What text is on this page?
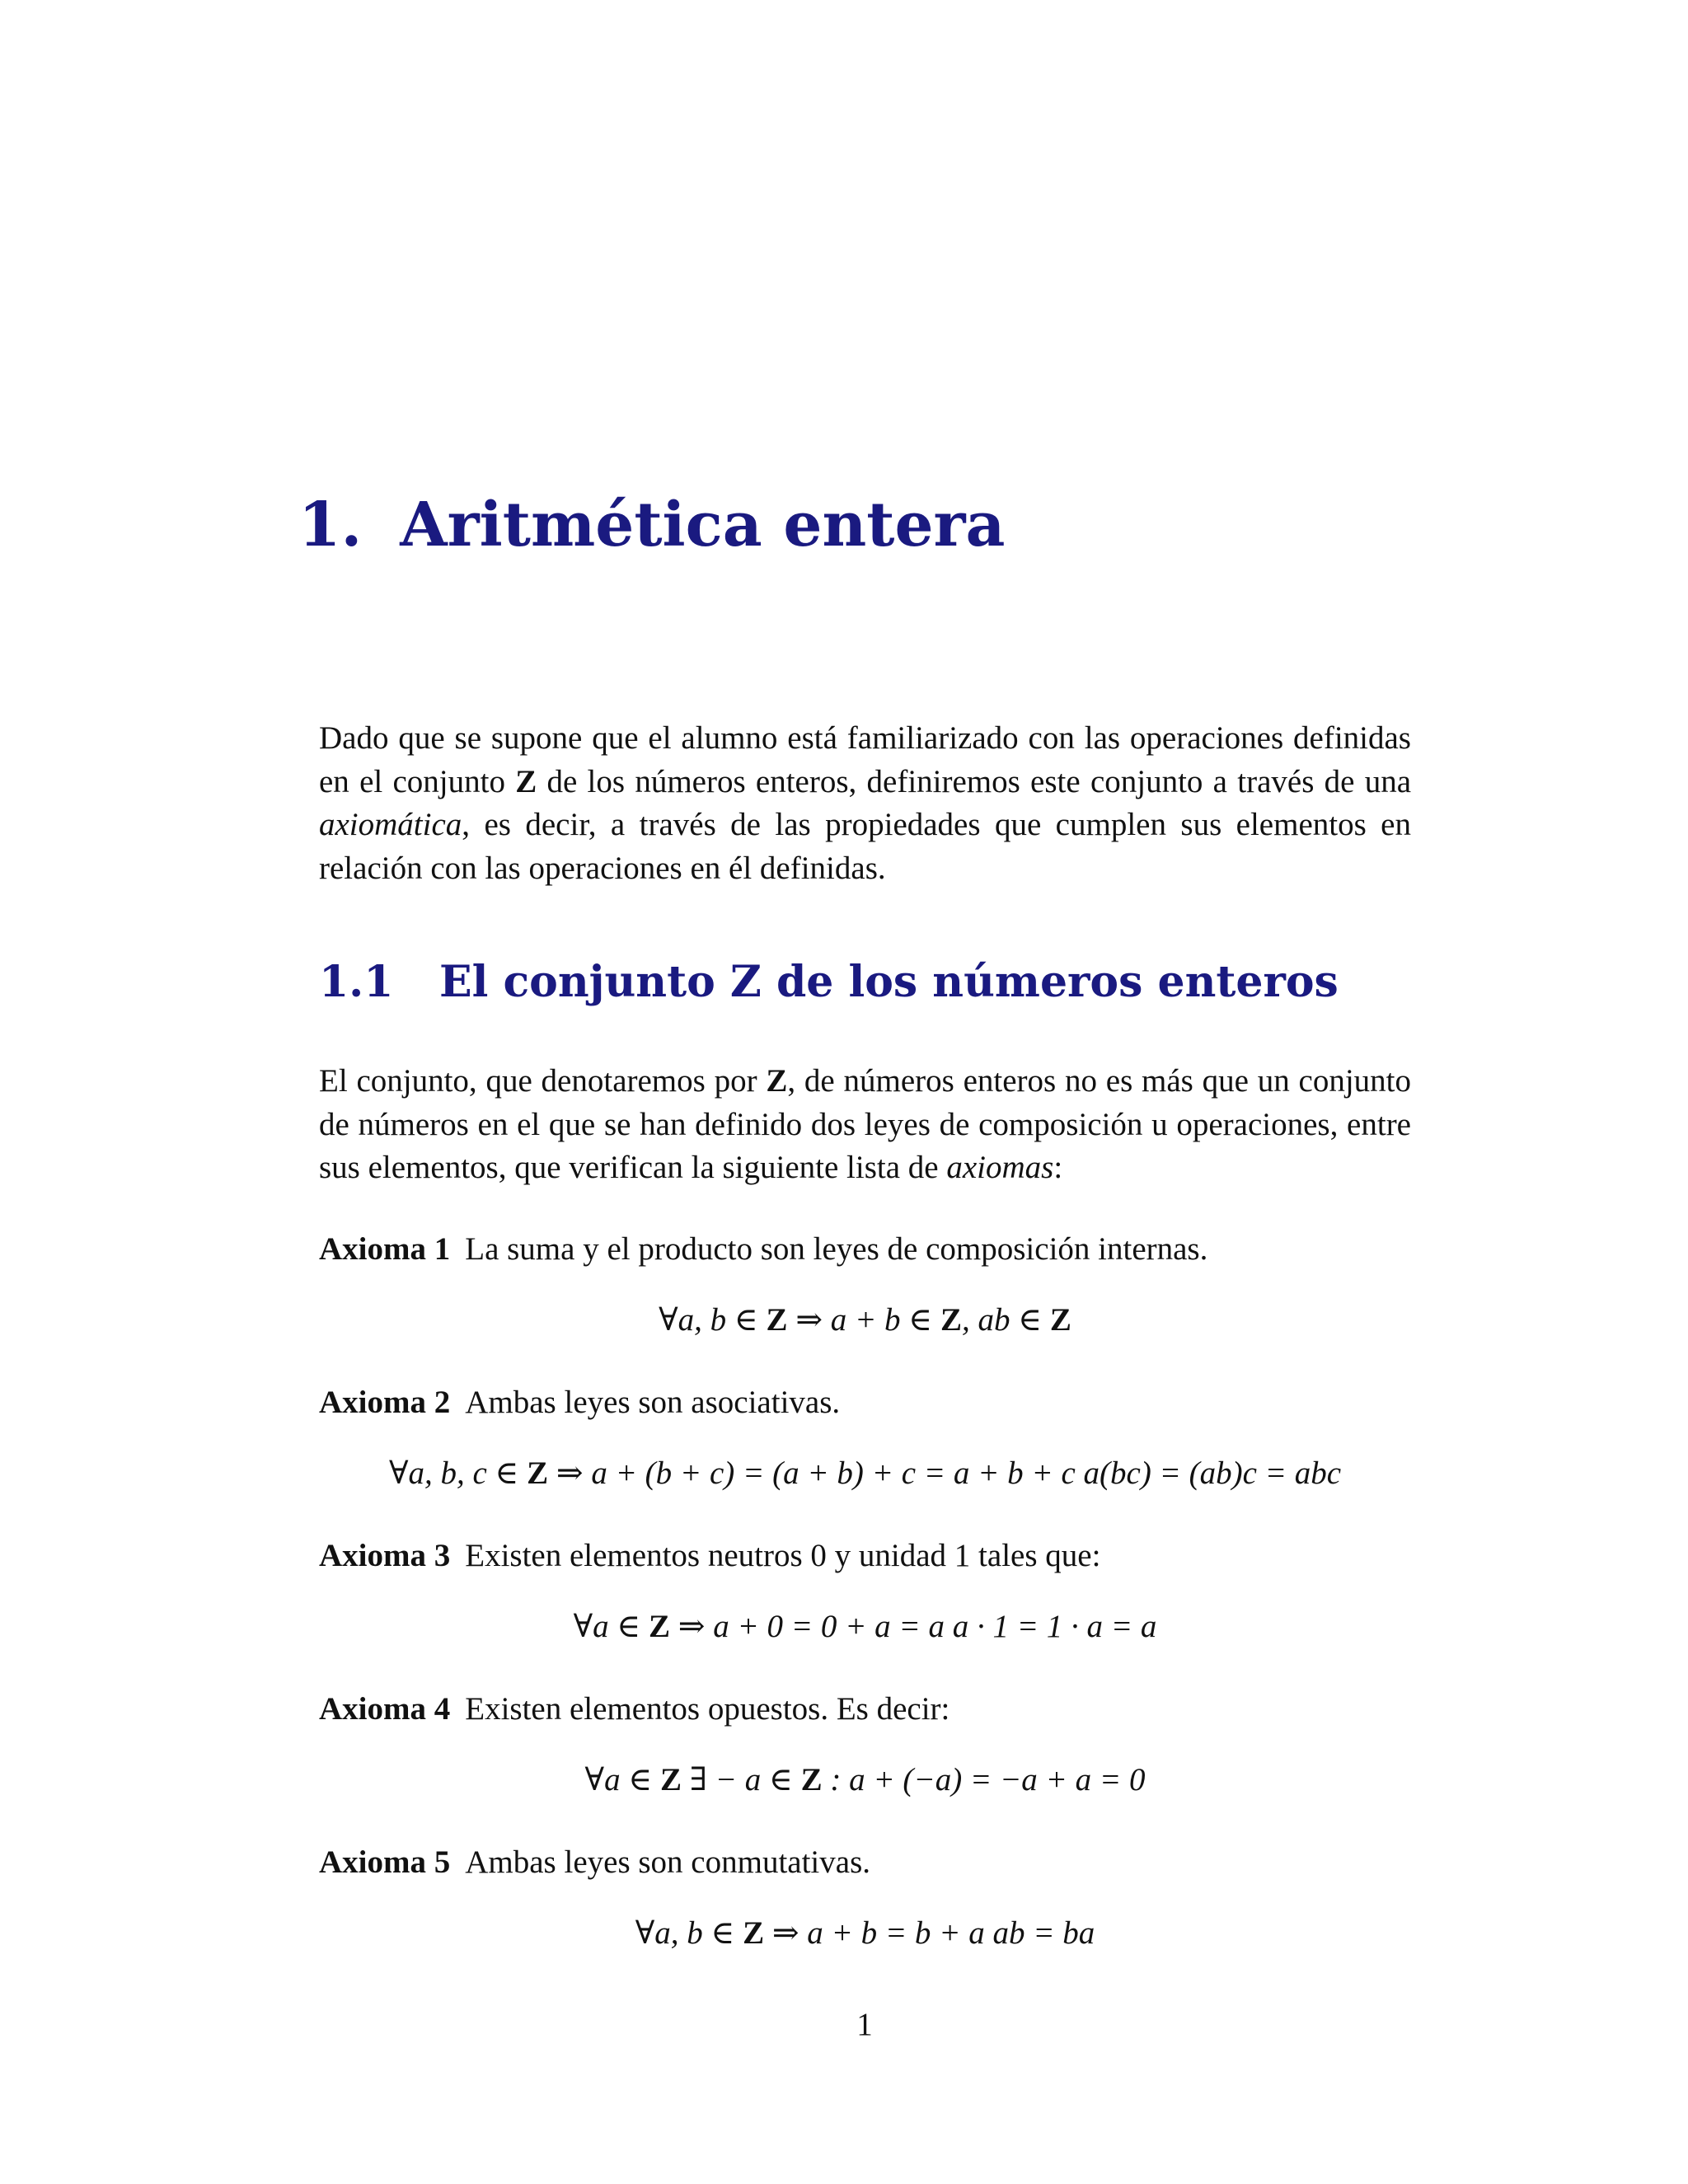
1. Aritmética entera

Dado que se supone que el alumno está familiarizado con las operaciones definidas en el conjunto Z de los números enteros, definiremos este conjunto a través de una axiomática, es decir, a través de las propiedades que cumplen sus elementos en relación con las operaciones en él definidas.

1.1 El conjunto Z de los números enteros

El conjunto, que denotaremos por Z, de números enteros no es más que un conjunto de números en el que se han definido dos leyes de composición u operaciones, entre sus elementos, que verifican la siguiente lista de axiomas:

Axioma 1 La suma y el producto son leyes de composición internas.

∀a, b ∈ Z ⇒ a + b ∈ Z, ab ∈ Z

Axioma 2 Ambas leyes son asociativas.

∀a, b, c ∈ Z ⇒ a + (b + c) = (a + b) + c = a + b + c a(bc) = (ab)c = abc

Axioma 3 Existen elementos neutros 0 y unidad 1 tales que:

∀a ∈ Z ⇒ a + 0 = 0 + a = a a · 1 = 1 · a = a

Axioma 4 Existen elementos opuestos. Es decir:

∀a ∈ Z ∃ − a ∈ Z : a + (−a) = −a + a = 0

Axioma 5 Ambas leyes son conmutativas.

∀a, b ∈ Z ⇒ a + b = b + a ab = ba

1
